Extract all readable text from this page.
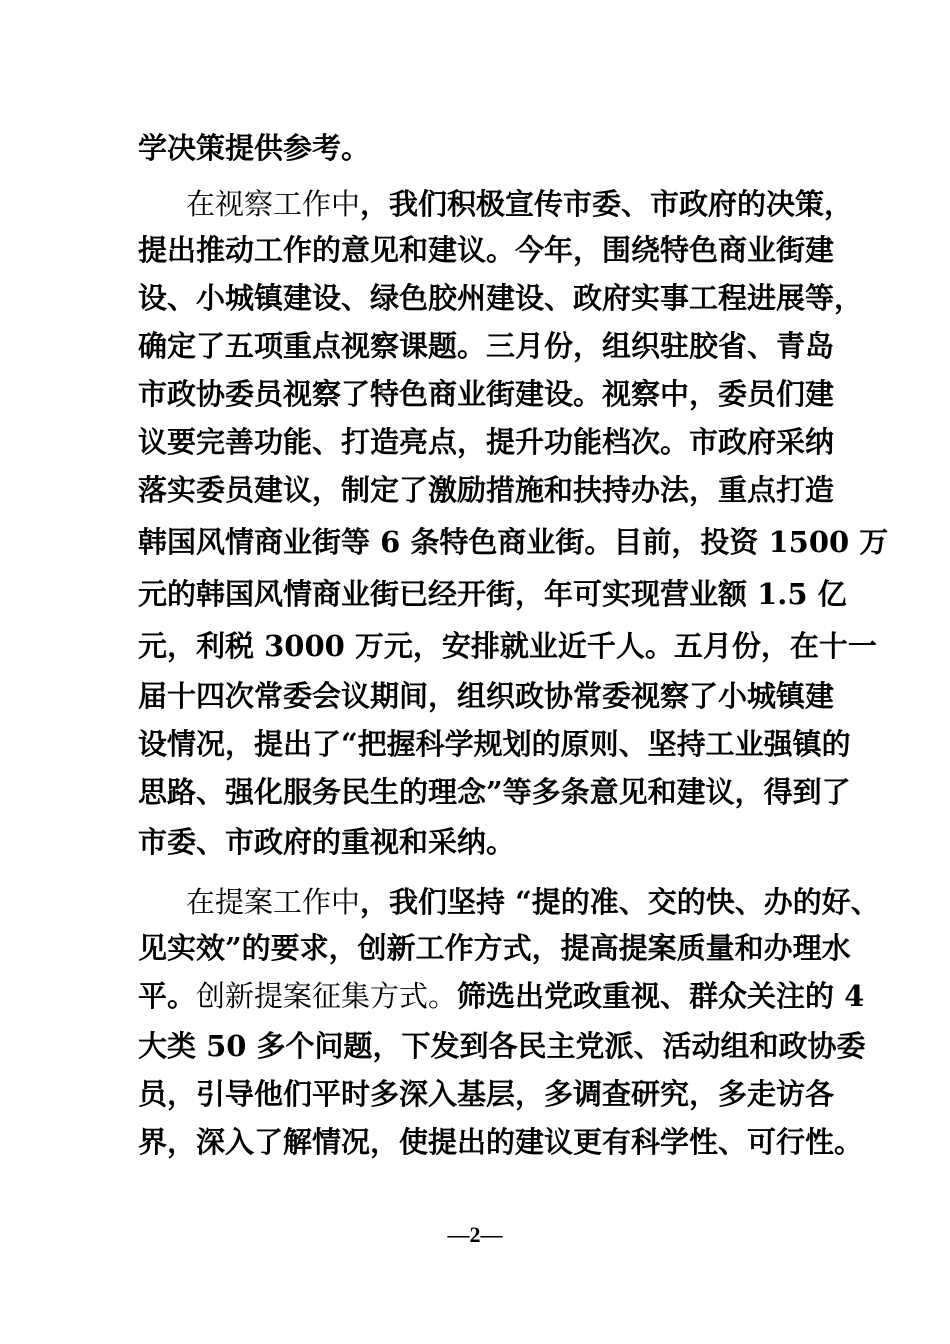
学决策提供参考。
在视察工作中，我们积极宣传市委、市政府的决策，
提出推动工作的意见和建议。今年，围绕特色商业街建
设、小城镇建设、绿色胶州建设、政府实事工程进展等，
确定了五项重点视察课题。三月份，组织驻胶省、青岛
市政协委员视察了特色商业街建设。视察中，委员们建
议要完善功能、打造亮点，提升功能档次。市政府采纳
落实委员建议，制定了激励措施和扶持办法，重点打造
韩国风情商业街等 6 条特色商业街。目前，投资 1500 万
元的韩国风情商业街已经开街，年可实现营业额 1.5 亿
元，利税 3000 万元，安排就业近千人。五月份，在十一
届十四次常委会议期间，组织政协常委视察了小城镇建
设情况，提出了“把握科学规划的原则、坚持工业强镇的
思路、强化服务民生的理念”等多条意见和建议，得到了
市委、市政府的重视和采纳。
在提案工作中，我们坚持 “提的准、交的快、办的好、
见实效”的要求，创新工作方式，提高提案质量和办理水
平。创新提案征集方式。筛选出党政重视、群众关注的 4
大类 50 多个问题，下发到各民主党派、活动组和政协委
员，引导他们平时多深入基层，多调查研究，多走访各
界，深入了解情况，使提出的建议更有科学性、可行性。
—2—
